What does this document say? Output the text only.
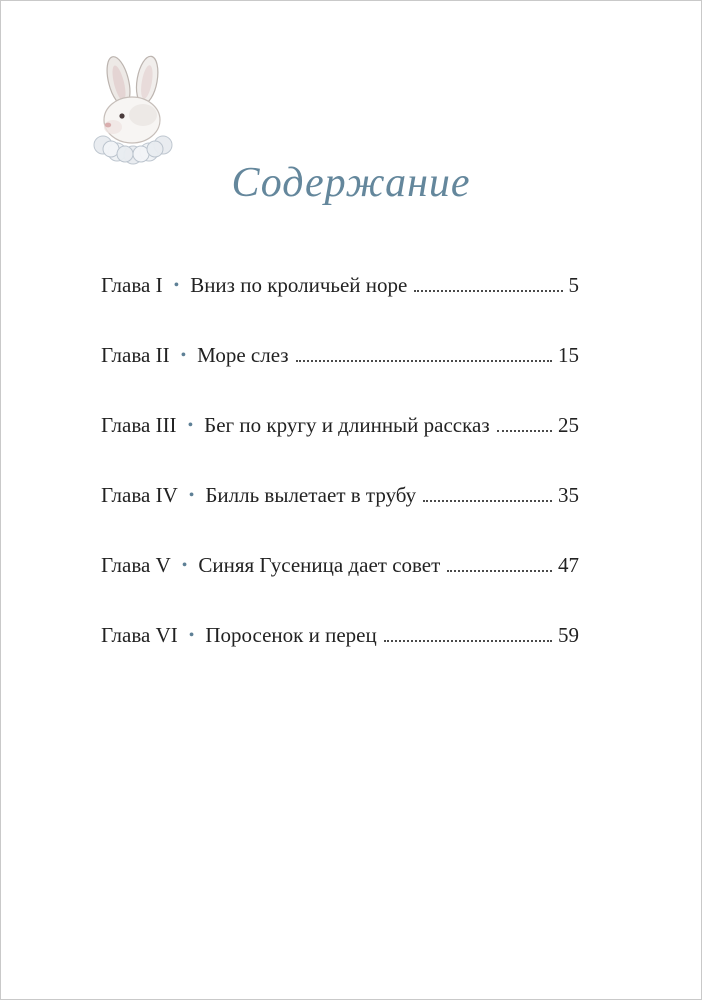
Содержание
Глава I • Вниз по кроличьей норе	5
Глава II • Море слез	15
Глава III • Бег по кругу и длинный рассказ	25
Глава IV • Билль вылетает в трубу	35
Глава V • Синяя Гусеница дает совет	47
Глава VI • Поросенок и перец	59
